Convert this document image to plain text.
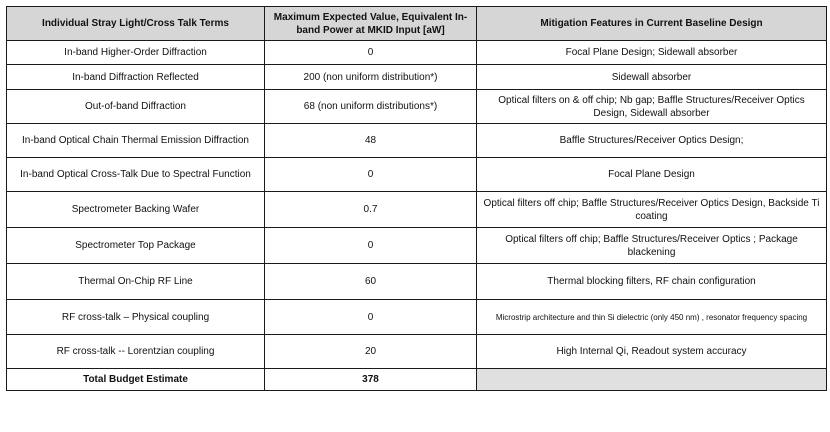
Individual Stray Light/Cross Talk Terms	Maximum Expected Value, Equivalent In-band Power at MKID Input [aW]	Mitigation Features in Current Baseline Design
In-band Higher-Order Diffraction	0	Focal Plane Design; Sidewall absorber
In-band Diffraction Reflected	200 (non uniform distribution*)	Sidewall absorber
Out-of-band Diffraction	68 (non uniform distributions*)	Optical filters on & off chip; Nb gap; Baffle Structures/Receiver Optics Design, Sidewall absorber
In-band Optical Chain Thermal Emission Diffraction	48	Baffle Structures/Receiver Optics Design;
In-band Optical Cross-Talk Due to Spectral Function	0	Focal Plane Design
Spectrometer Backing Wafer	0.7	Optical filters off chip; Baffle Structures/Receiver Optics Design, Backside Ti coating
Spectrometer Top Package	0	Optical filters off chip; Baffle Structures/Receiver Optics ; Package blackening
Thermal On-Chip RF Line	60	Thermal blocking filters, RF chain configuration
RF cross-talk – Physical coupling	0	Microstrip architecture and thin Si dielectric (only 450 nm) , resonator frequency spacing
RF cross-talk -- Lorentzian coupling	20	High Internal Qi, Readout system accuracy
Total Budget Estimate	378	
